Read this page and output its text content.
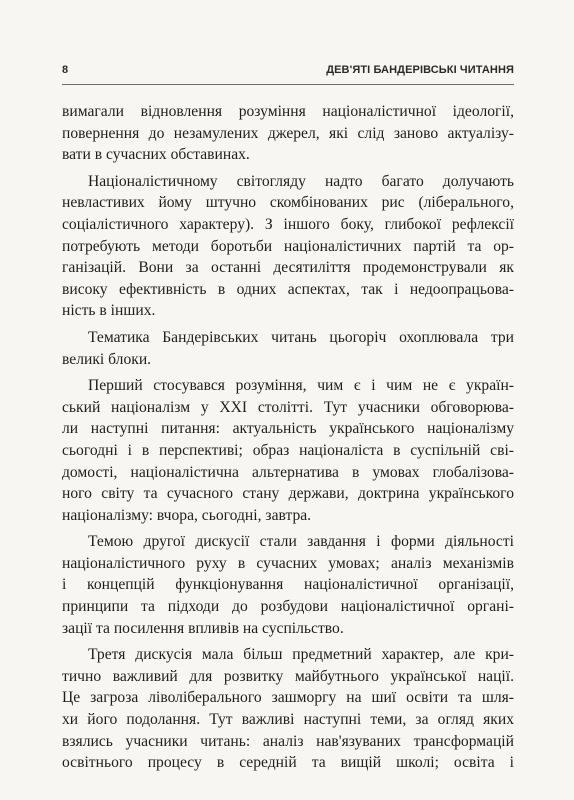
8	ДЕВ'ЯТІ БАНДЕРІВСЬКІ ЧИТАННЯ

вимагали відновлення розуміння націоналістичної ідеології,
повернення до незамулених джерел, які слід заново актуалізу-
вати в сучасних обставинах.

Націоналістичному світогляду надто багато долучають
невластивих йому штучно скомбінованих рис (ліберального,
соціалістичного характеру). З іншого боку, глибокої рефлексії
потребують методи боротьби націоналістичних партій та ор-
ганізацій. Вони за останні десятиліття продемонстрували як
високу ефективність в одних аспектах, так і недоопрацьова-
ність в інших.

Тематика Бандерівських читань цьогоріч охоплювала три
великі блоки.

Перший стосувався розуміння, чим є і чим не є україн-
ський націоналізм у ХХІ столітті. Тут учасники обговорюва-
ли наступні питання: актуальність українського націоналізму
сьогодні і в перспективі; образ націоналіста в суспільній сві-
домості, націоналістична альтернатива в умовах глобалізова-
ного світу та сучасного стану держави, доктрина українського
націоналізму: вчора, сьогодні, завтра.

Темою другої дискусії стали завдання і форми діяльності
націоналістичного руху в сучасних умовах; аналіз механізмів
і концепцій функціонування націоналістичної організації,
принципи та підходи до розбудови націоналістичної органі-
зації та посилення впливів на суспільство.

Третя дискусія мала більш предметний характер, але кри-
тично важливий для розвитку майбутнього української нації.
Це загроза ліволіберального зашморгу на шиї освіти та шля-
хи його подолання. Тут важливі наступні теми, за огляд яких
взялись учасники читань: аналіз нав'язуваних трансформацій
освітнього процесу в середній та вищій школі; освіта і
